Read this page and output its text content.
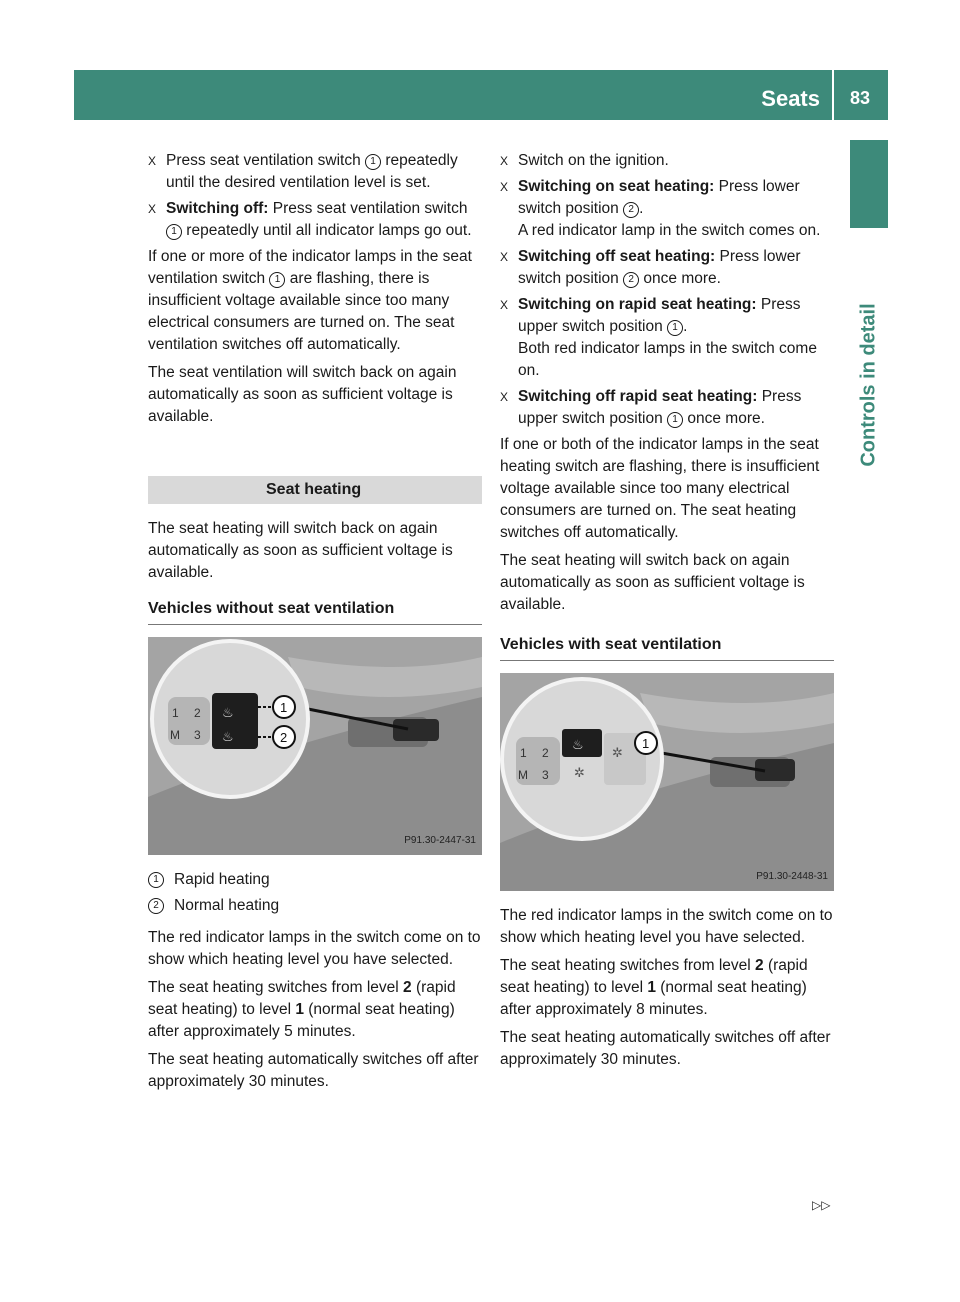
Seats 83
Controls in detail

X Press seat ventilation switch 1 repeatedly until the desired ventilation level is set.

X Switching off: Press seat ventilation switch 1 repeatedly until all indicator lamps go out.

If one or more of the indicator lamps in the seat ventilation switch 1 are flashing, there is insufficient voltage available since too many electrical consumers are turned on. The seat ventilation switches off automatically.

The seat ventilation will switch back on again automatically as soon as sufficient voltage is available.

Seat heating

The seat heating will switch back on again automatically as soon as sufficient voltage is available.

Vehicles without seat ventilation
1 2
M 3
♨
♨
1
2
P91.30-2447-31

1 Rapid heating

2 Normal heating

The red indicator lamps in the switch come on to show which heating level you have selected.

The seat heating switches from level 2 (rapid seat heating) to level 1 (normal seat heating) after approximately 5 minutes.

The seat heating automatically switches off after approximately 30 minutes.

X Switch on the ignition.

X Switching on seat heating: Press lower switch position 2 .
A red indicator lamp in the switch comes on.

X Switching off seat heating: Press lower switch position 2 once more.

X Switching on rapid seat heating: Press upper switch position 1 .
Both red indicator lamps in the switch come on.

X Switching off rapid seat heating: Press upper switch position 1 once more.

If one or both of the indicator lamps in the seat heating switch are flashing, there is insufficient voltage available since too many electrical consumers are turned on. The seat heating switches off automatically.

The seat heating will switch back on again automatically as soon as sufficient voltage is available.

Vehicles with seat ventilation
1 2
M 3
♨
✲
✲
1
P91.30-2448-31

The red indicator lamps in the switch come on to show which heating level you have selected.

The seat heating switches from level 2 (rapid seat heating) to level 1 (normal seat heating) after approximately 8 minutes.

The seat heating automatically switches off after approximately 30 minutes.

▷▷
